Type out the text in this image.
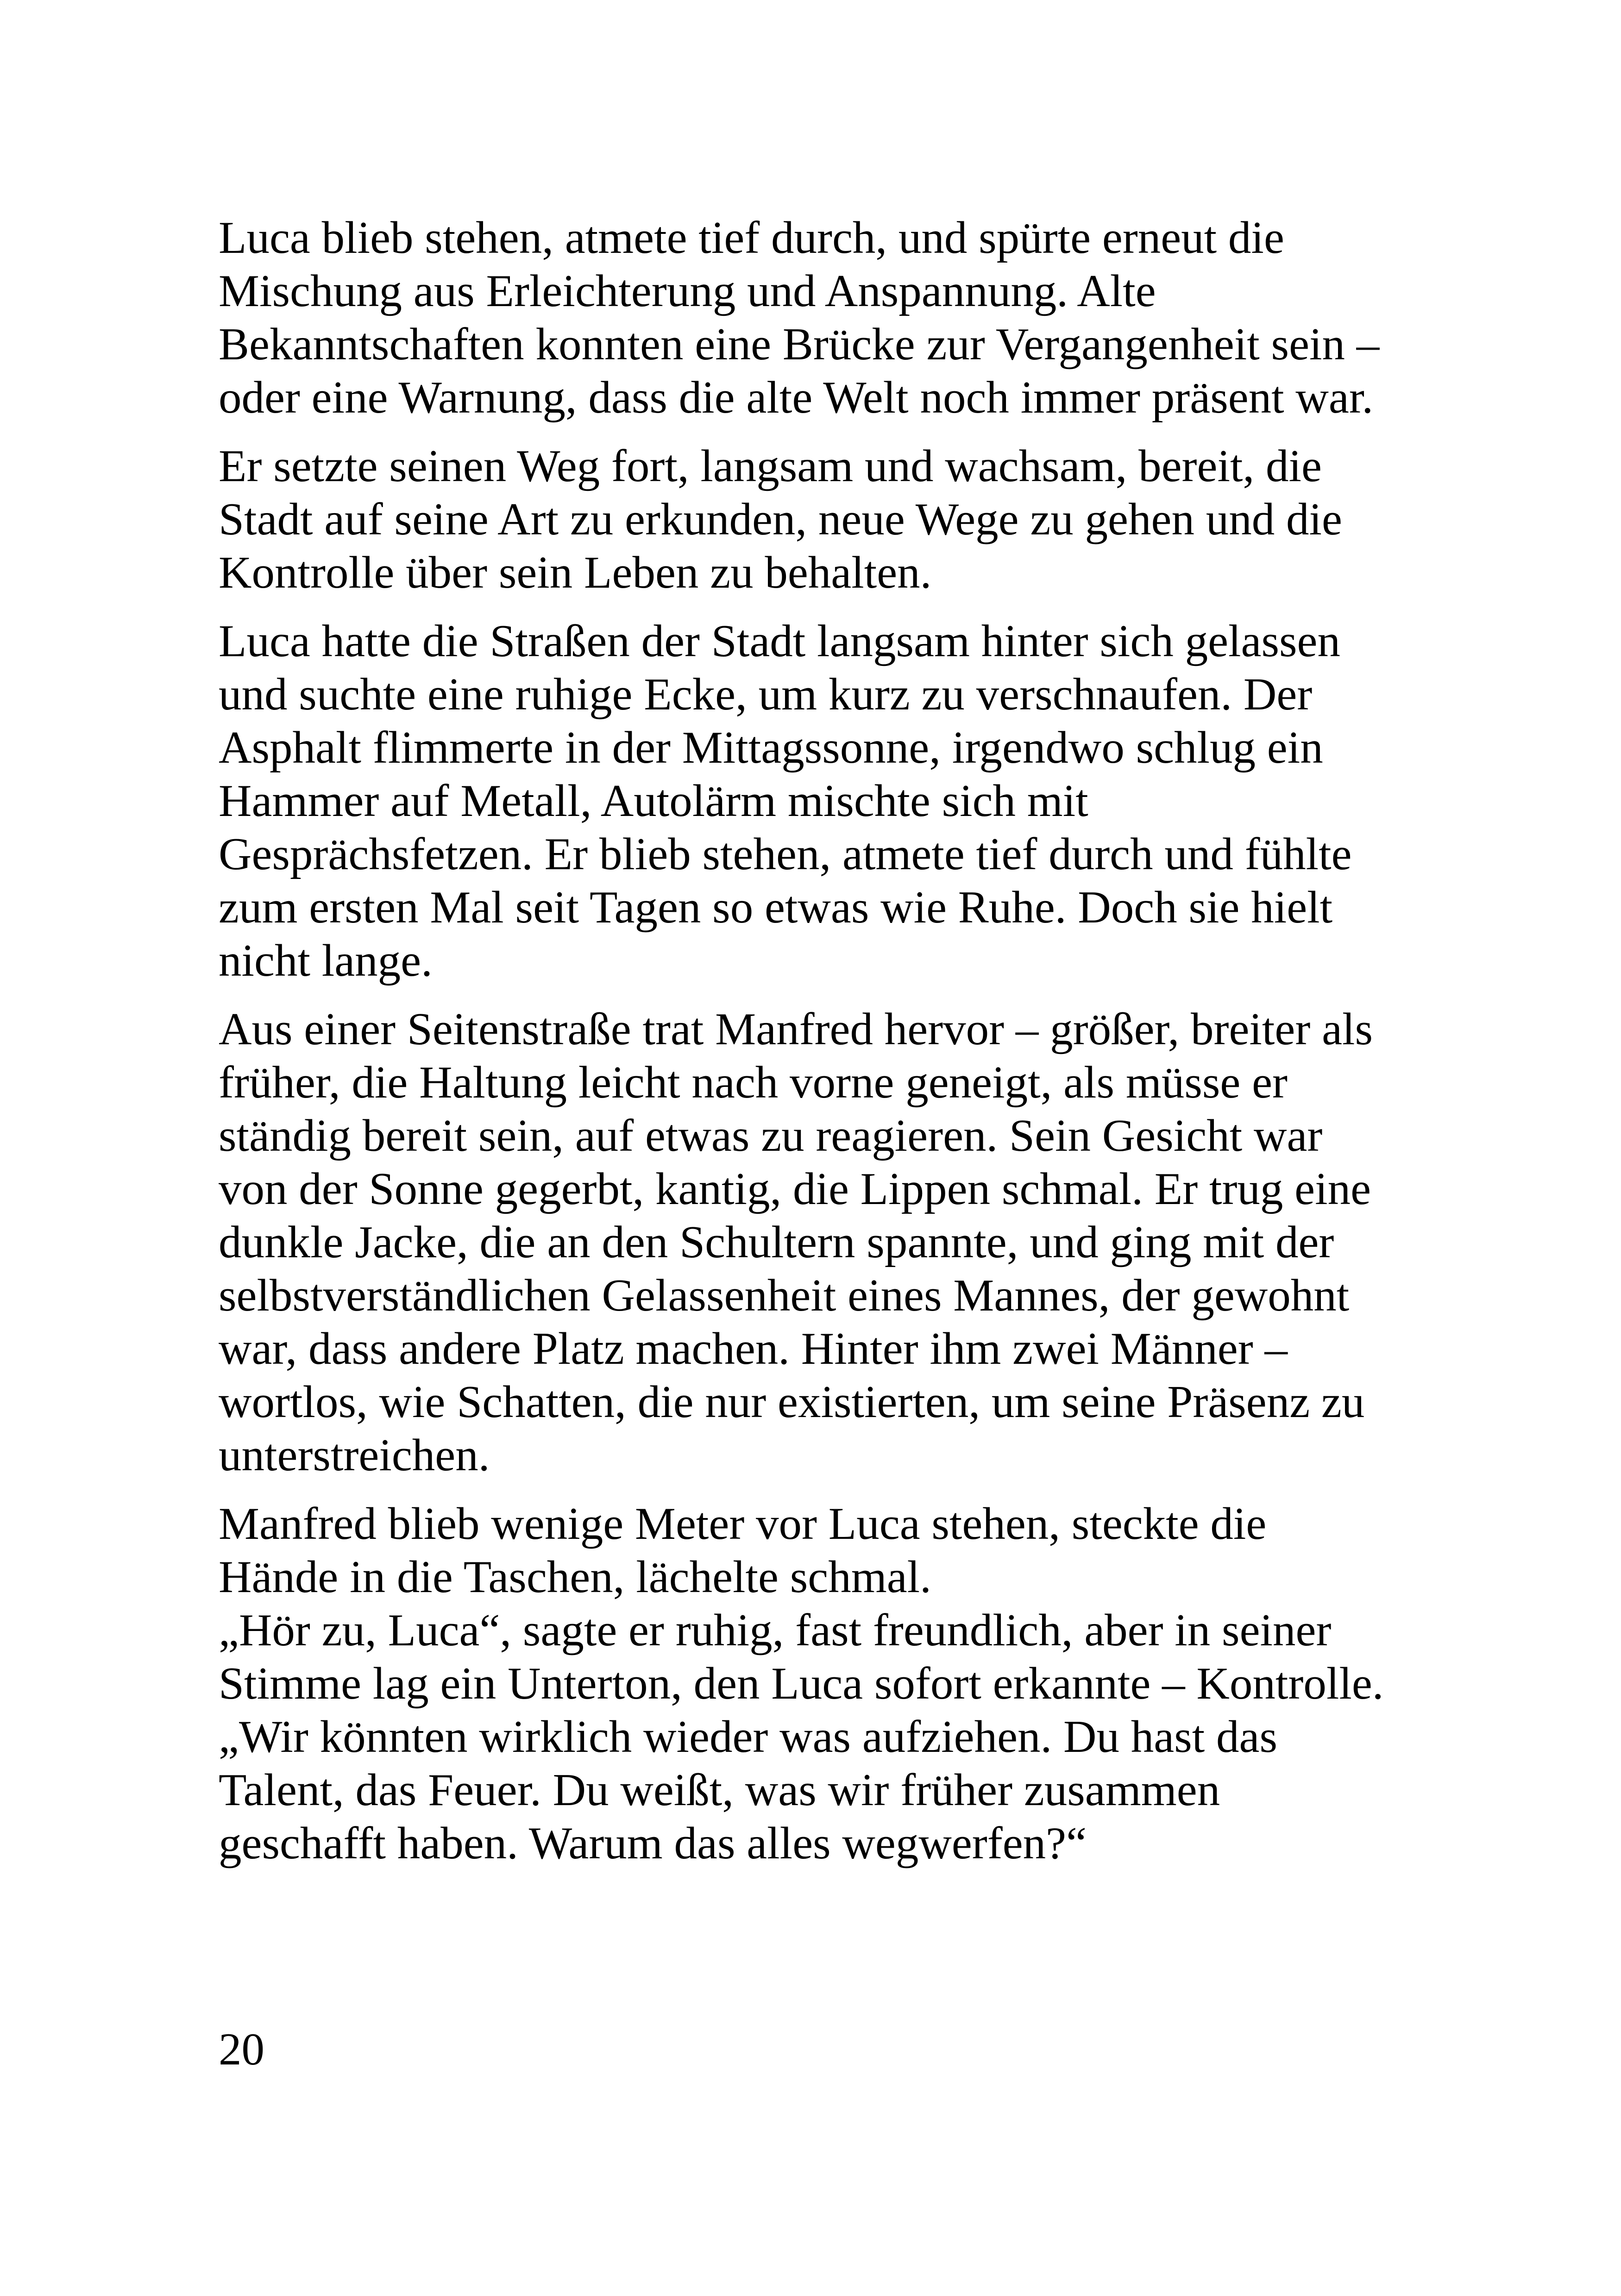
Luca blieb stehen, atmete tief durch, und spürte erneut die
Mischung aus Erleichterung und Anspannung. Alte
Bekanntschaften konnten eine Brücke zur Vergangenheit sein –
oder eine Warnung, dass die alte Welt noch immer präsent war.

Er setzte seinen Weg fort, langsam und wachsam, bereit, die
Stadt auf seine Art zu erkunden, neue Wege zu gehen und die
Kontrolle über sein Leben zu behalten.

Luca hatte die Straßen der Stadt langsam hinter sich gelassen
und suchte eine ruhige Ecke, um kurz zu verschnaufen. Der
Asphalt flimmerte in der Mittagssonne, irgendwo schlug ein
Hammer auf Metall, Autolärm mischte sich mit
Gesprächsfetzen. Er blieb stehen, atmete tief durch und fühlte
zum ersten Mal seit Tagen so etwas wie Ruhe. Doch sie hielt
nicht lange.

Aus einer Seitenstraße trat Manfred hervor – größer, breiter als
früher, die Haltung leicht nach vorne geneigt, als müsse er
ständig bereit sein, auf etwas zu reagieren. Sein Gesicht war
von der Sonne gegerbt, kantig, die Lippen schmal. Er trug eine
dunkle Jacke, die an den Schultern spannte, und ging mit der
selbstverständlichen Gelassenheit eines Mannes, der gewohnt
war, dass andere Platz machen. Hinter ihm zwei Männer –
wortlos, wie Schatten, die nur existierten, um seine Präsenz zu
unterstreichen.

Manfred blieb wenige Meter vor Luca stehen, steckte die
Hände in die Taschen, lächelte schmal.
„Hör zu, Luca“, sagte er ruhig, fast freundlich, aber in seiner
Stimme lag ein Unterton, den Luca sofort erkannte – Kontrolle.
„Wir könnten wirklich wieder was aufziehen. Du hast das
Talent, das Feuer. Du weißt, was wir früher zusammen
geschafft haben. Warum das alles wegwerfen?“

20
